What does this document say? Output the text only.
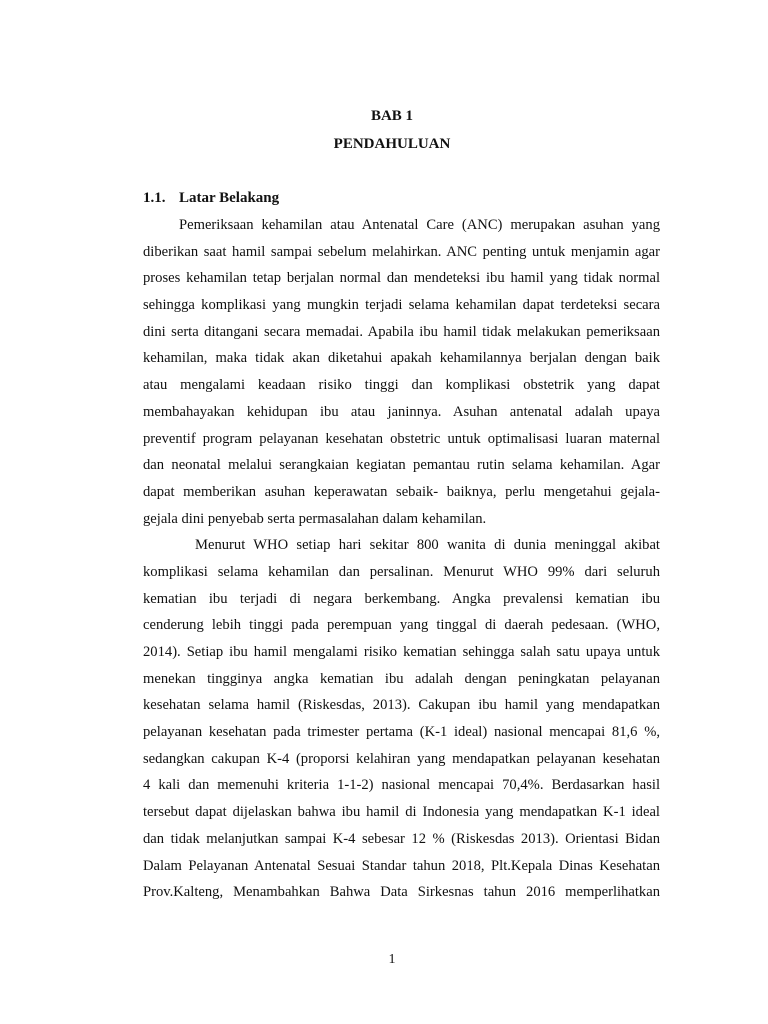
BAB 1
PENDAHULUAN
1.1. Latar Belakang
Pemeriksaan kehamilan atau Antenatal Care (ANC) merupakan asuhan yang
diberikan saat hamil sampai sebelum melahirkan. ANC penting untuk menjamin agar
proses kehamilan tetap berjalan normal dan mendeteksi ibu hamil yang tidak normal
sehingga komplikasi yang mungkin terjadi selama kehamilan dapat terdeteksi secara
dini serta ditangani secara memadai. Apabila ibu hamil tidak melakukan pemeriksaan
kehamilan, maka tidak akan diketahui apakah kehamilannya berjalan dengan baik
atau mengalami keadaan risiko tinggi dan komplikasi obstetrik yang dapat
membahayakan kehidupan ibu atau janinnya. Asuhan antenatal adalah upaya
preventif program pelayanan kesehatan obstetric untuk optimalisasi luaran maternal
dan neonatal melalui serangkaian kegiatan pemantau rutin selama kehamilan. Agar
dapat memberikan asuhan keperawatan sebaik- baiknya, perlu mengetahui gejala-
gejala dini penyebab serta permasalahan dalam kehamilan.
Menurut WHO setiap hari sekitar 800 wanita di dunia meninggal akibat
komplikasi selama kehamilan dan persalinan. Menurut WHO 99% dari seluruh
kematian ibu terjadi di negara berkembang. Angka prevalensi kematian ibu
cenderung lebih tinggi pada perempuan yang tinggal di daerah pedesaan. (WHO,
2014). Setiap ibu hamil mengalami risiko kematian sehingga salah satu upaya untuk
menekan tingginya angka kematian ibu adalah dengan peningkatan pelayanan
kesehatan selama hamil (Riskesdas, 2013). Cakupan ibu hamil yang mendapatkan
pelayanan kesehatan pada trimester pertama (K-1 ideal) nasional mencapai 81,6 %,
sedangkan cakupan K-4 (proporsi kelahiran yang mendapatkan pelayanan kesehatan
4 kali dan memenuhi kriteria 1-1-2) nasional mencapai 70,4%. Berdasarkan hasil
tersebut dapat dijelaskan bahwa ibu hamil di Indonesia yang mendapatkan K-1 ideal
dan tidak melanjutkan sampai K-4 sebesar 12 % (Riskesdas 2013). Orientasi Bidan
Dalam Pelayanan Antenatal Sesuai Standar tahun 2018, Plt.Kepala Dinas Kesehatan
Prov.Kalteng, Menambahkan Bahwa Data Sirkesnas tahun 2016 memperlihatkan
1
